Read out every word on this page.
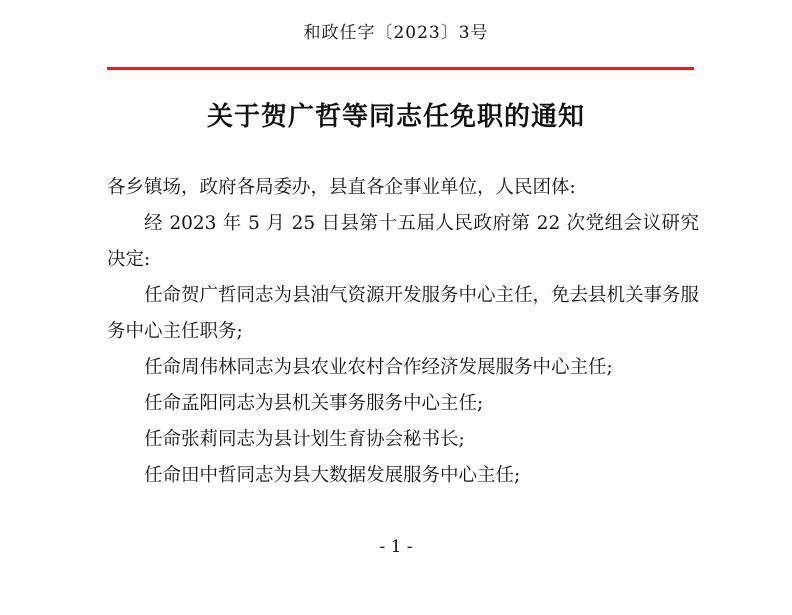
和政任字〔2023〕3号
关于贺广哲等同志任免职的通知

各乡镇场，政府各局委办，县直各企事业单位，人民团体:

经 2023 年 5 月 25 日县第十五届人民政府第 22 次党组会议研究决定:

任命贺广哲同志为县油气资源开发服务中心主任，免去县机关事务服务中心主任职务;

任命周伟林同志为县农业农村合作经济发展服务中心主任;

任命孟阳同志为县机关事务服务中心主任;

任命张莉同志为县计划生育协会秘书长;

任命田中哲同志为县大数据发展服务中心主任;

- 1 -
